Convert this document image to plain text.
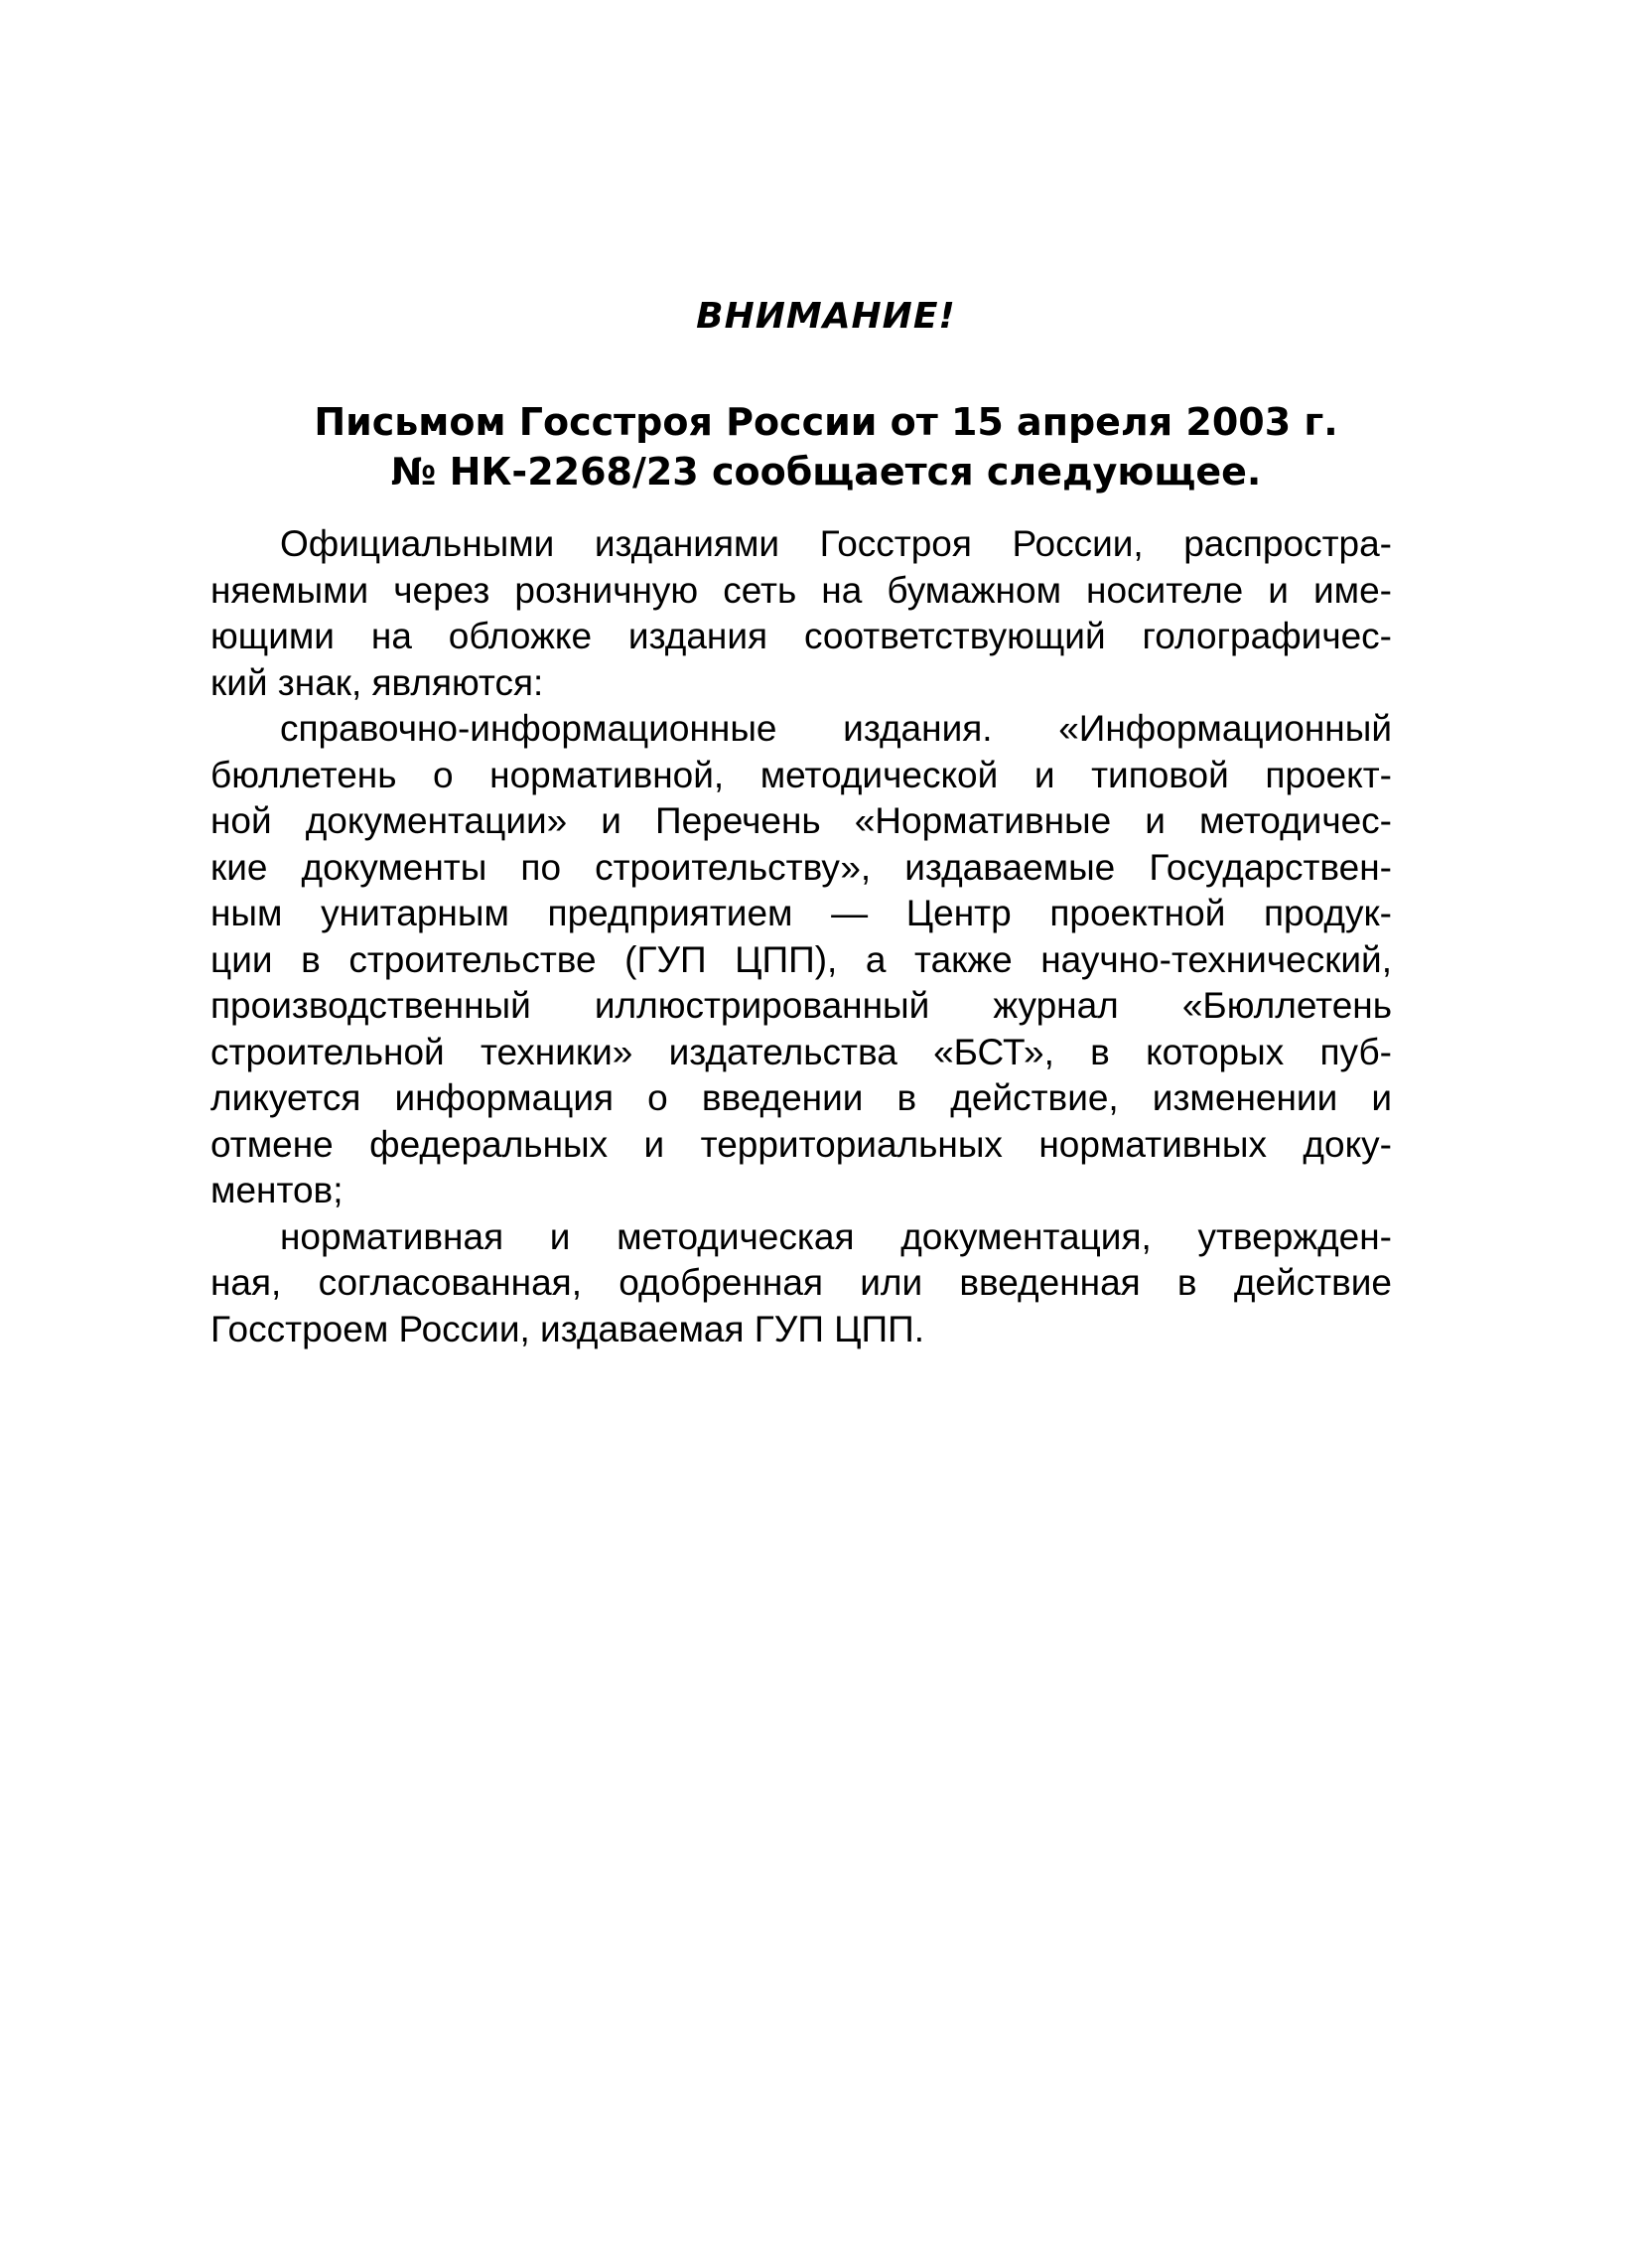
ВНИМАНИЕ!
Письмом Госстроя России от 15 апреля 2003 г.
№ НК-2268/23 сообщается следующее.

Официальными изданиями Госстроя России, распростра-
няемыми через розничную сеть на бумажном носителе и име-
ющими на обложке издания соответствующий голографичес-
кий знак, являются:

справочно-информационные издания. «Информационный
бюллетень о нормативной, методической и типовой проект-
ной документации» и Перечень «Нормативные и методичес-
кие документы по строительству», издаваемые Государствен-
ным унитарным предприятием — Центр проектной продук-
ции в строительстве (ГУП ЦПП), а также научно-технический,
производственный иллюстрированный журнал «Бюллетень
строительной техники» издательства «БСТ», в которых пуб-
ликуется информация о введении в действие, изменении и
отмене федеральных и территориальных нормативных доку-
ментов;

нормативная и методическая документация, утвержден-
ная, согласованная, одобренная или введенная в действие
Госстроем России, издаваемая ГУП ЦПП.
